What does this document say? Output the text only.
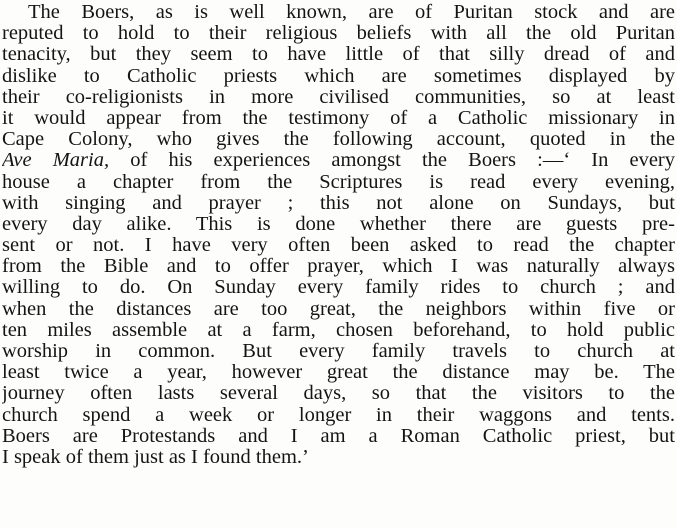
The Boers, as is well known, are of Puritan stock and are
reputed to hold to their religious beliefs with all the old Puritan
tenacity, but they seem to have little of that silly dread of and
dislike to Catholic priests which are sometimes displayed by
their co-religionists in more civilised communities, so at least
it would appear from the testimony of a Catholic missionary in
Cape Colony, who gives the following account, quoted in the
Ave Maria, of his experiences amongst the Boers :—‘ In every
house a chapter from the Scriptures is read every evening,
with singing and prayer ; this not alone on Sundays, but
every day alike. This is done whether there are guests pre-
sent or not. I have very often been asked to read the chapter
from the Bible and to offer prayer, which I was naturally always
willing to do. On Sunday every family rides to church ; and
when the distances are too great, the neighbors within five or
ten miles assemble at a farm, chosen beforehand, to hold public
worship in common. But every family travels to church at
least twice a year, however great the distance may be. The
journey often lasts several days, so that the visitors to the
church spend a week or longer in their waggons and tents.
Boers are Protestands and I am a Roman Catholic priest, but
I speak of them just as I found them.’
